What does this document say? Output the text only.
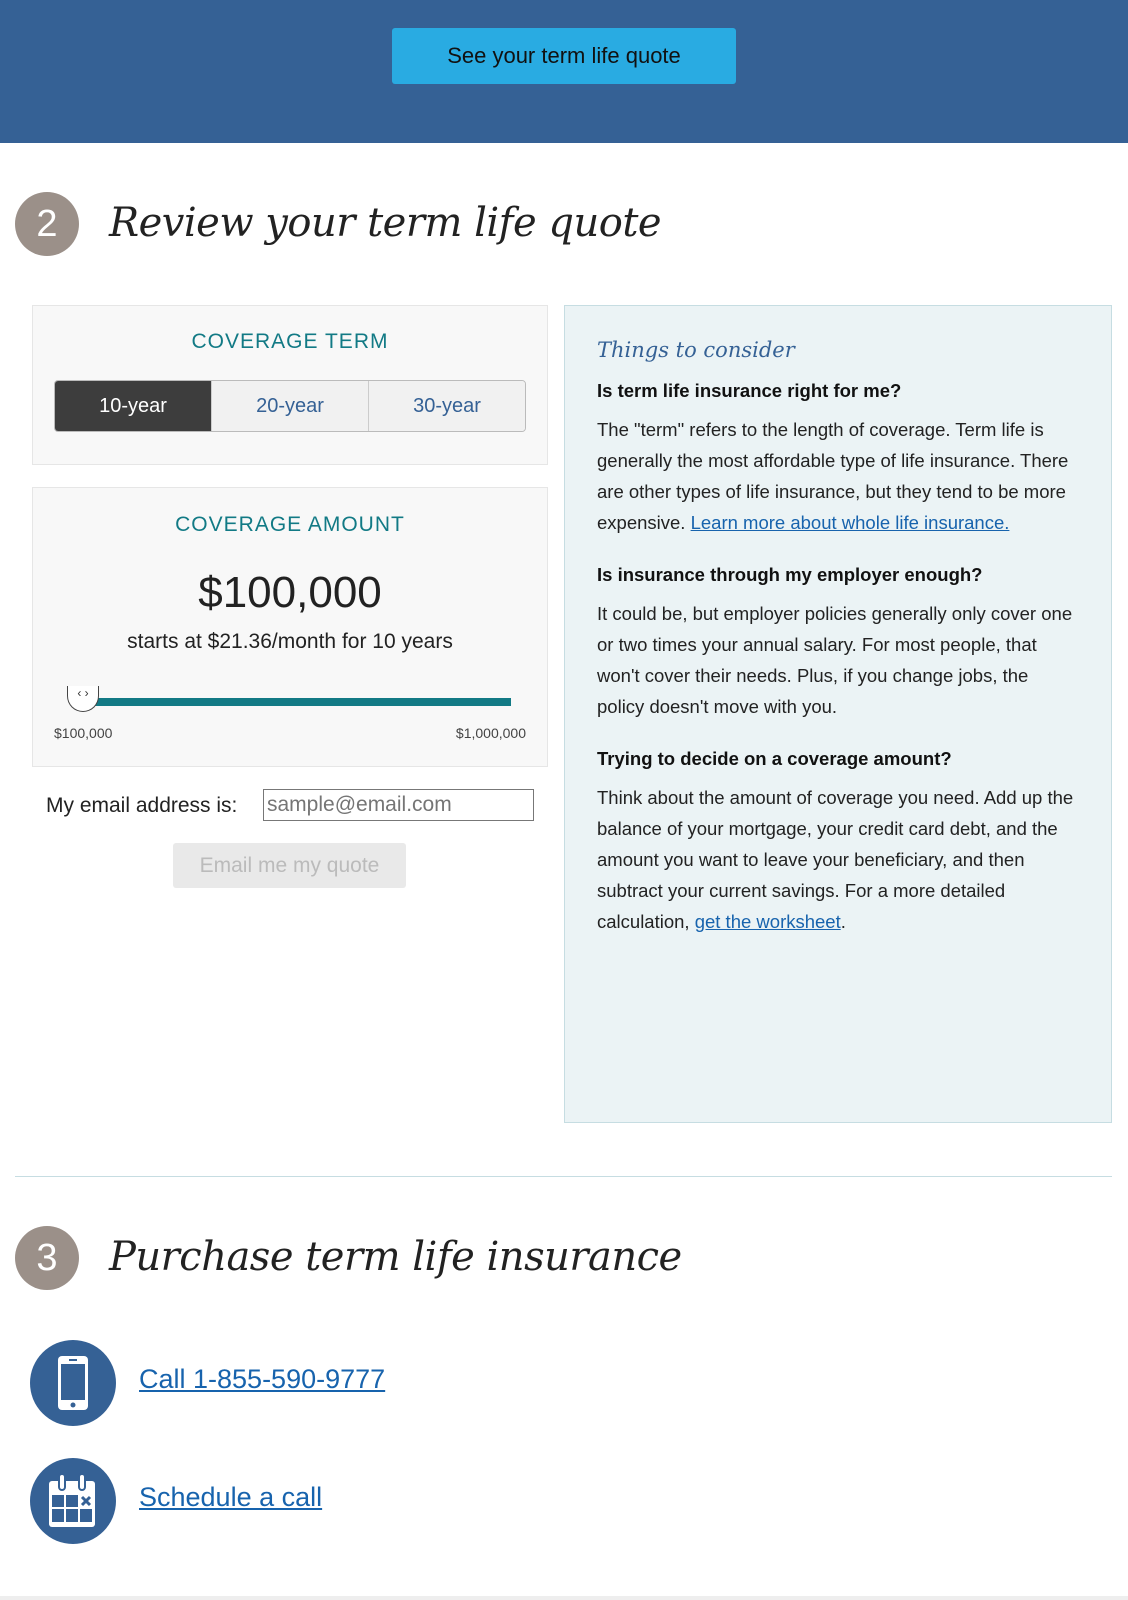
See your term life quote
2	Review your term life quote
COVERAGE TERM
10-year	20-year	30-year
COVERAGE AMOUNT
$100,000
starts at $21.36/month for 10 years
‹ ›
$100,000	$1,000,000
My email address is:
sample@email.com
Email me my quote
Things to consider
Is term life insurance right for me?

The "term" refers to the length of coverage. Term life is generally the most affordable type of life insurance. There are other types of life insurance, but they tend to be more expensive. Learn more about whole life insurance.

Is insurance through my employer enough?

It could be, but employer policies generally only cover one or two times your annual salary. For most people, that won't cover their needs. Plus, if you change jobs, the policy doesn't move with you.

Trying to decide on a coverage amount?

Think about the amount of coverage you need. Add up the balance of your mortgage, your credit card debt, and the amount you want to leave your beneficiary, and then subtract your current savings. For a more detailed calculation, get the worksheet.

3	Purchase term life insurance
Call 1-855-590-9777
Schedule a call
